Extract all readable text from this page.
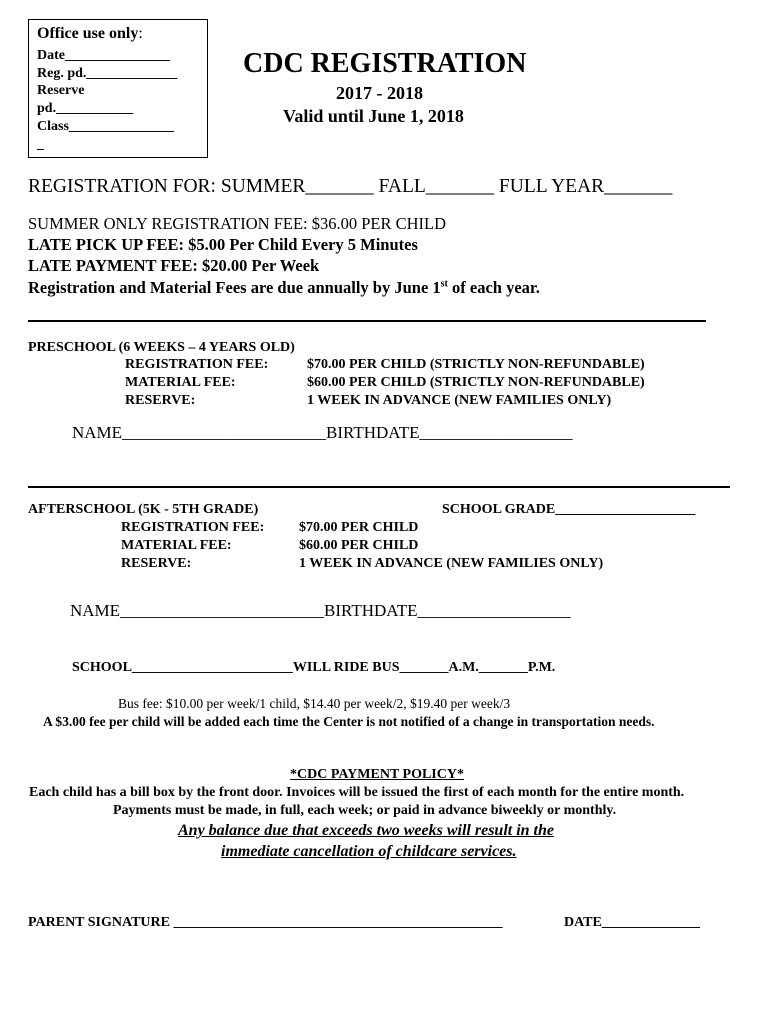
Office use only:
Date_______________
Reg. pd._____________
Reserve
pd.___________
Class_______________
_
CDC REGISTRATION
2017 - 2018
Valid until June 1, 2018
REGISTRATION FOR: SUMMER_______ FALL_______ FULL YEAR_______
SUMMER ONLY REGISTRATION FEE: $36.00 PER CHILD
LATE PICK UP FEE: $5.00 Per Child Every 5 Minutes
LATE PAYMENT FEE: $20.00 Per Week
Registration and Material Fees are due annually by June 1st of each year.
PRESCHOOL (6 WEEKS – 4 YEARS OLD)
REGISTRATION FEE:	$70.00 PER CHILD (STRICTLY NON-REFUNDABLE)
MATERIAL FEE:	$60.00 PER CHILD (STRICTLY NON-REFUNDABLE)
RESERVE:	1 WEEK IN ADVANCE (NEW FAMILIES ONLY)
NAME________________________BIRTHDATE__________________
AFTERSCHOOL (5K - 5TH GRADE)	SCHOOL GRADE____________________
REGISTRATION FEE: $70.00 PER CHILD
MATERIAL FEE:	$60.00 PER CHILD
RESERVE:	1 WEEK IN ADVANCE (NEW FAMILIES ONLY)
NAME________________________BIRTHDATE__________________
SCHOOL_______________________WILL RIDE BUS_______A.M._______P.M.
Bus fee: $10.00 per week/1 child, $14.40 per week/2, $19.40 per week/3
A $3.00 fee per child will be added each time the Center is not notified of a change in transportation needs.
*CDC PAYMENT POLICY*
Each child has a bill box by the front door. Invoices will be issued the first of each month for the entire month.
Payments must be made, in full, each week; or paid in advance biweekly or monthly.
Any balance due that exceeds two weeks will result in the
immediate cancellation of childcare services.
PARENT SIGNATURE _______________________________________________	DATE______________
